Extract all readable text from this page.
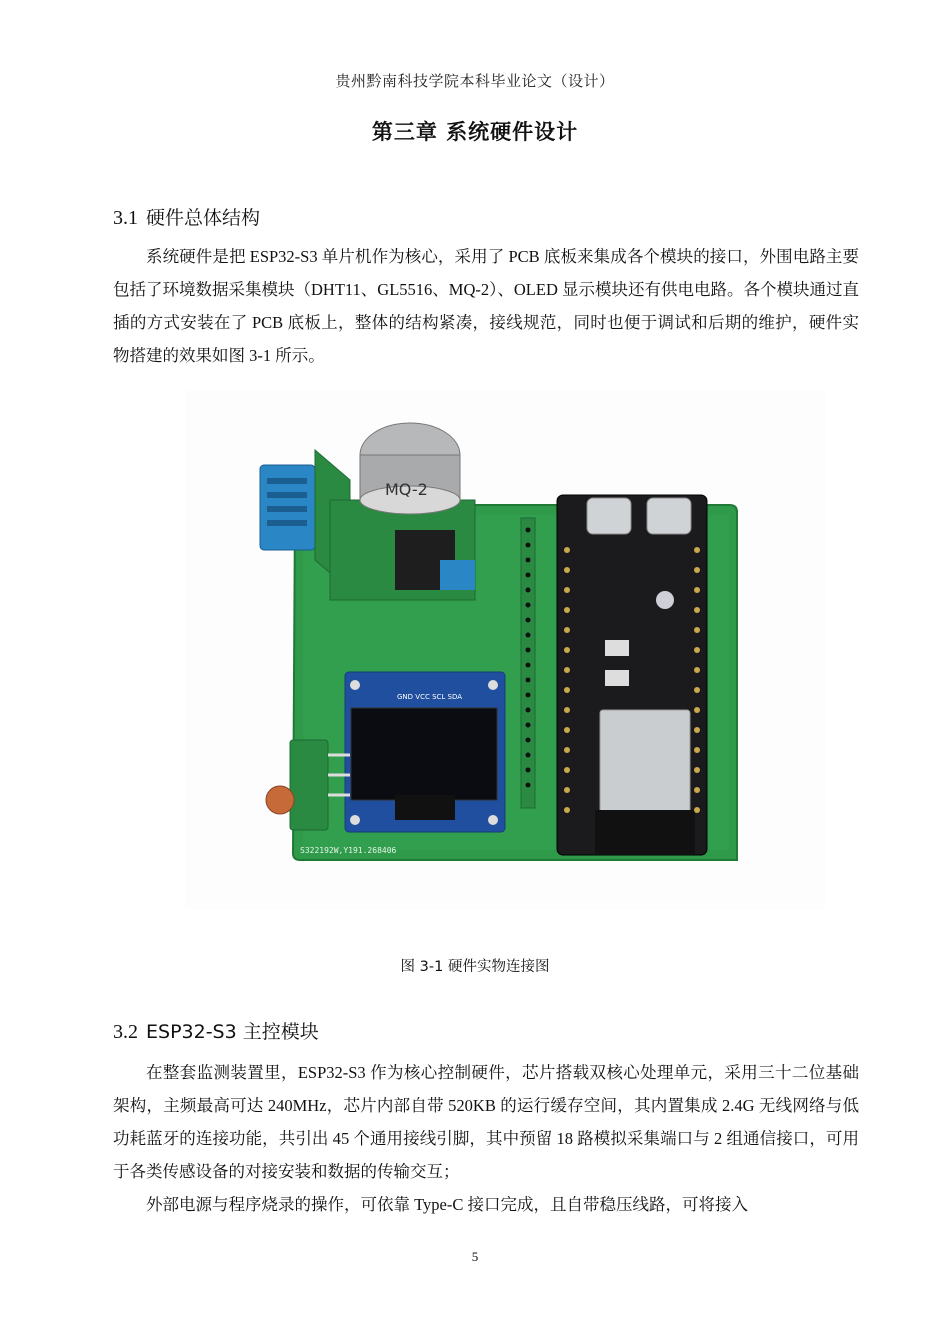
贵州黔南科技学院本科毕业论文（设计）
第三章 系统硬件设计
3.1 硬件总体结构

系统硬件是把 ESP32-S3 单片机作为核心，采用了 PCB 底板来集成各个模块的接口，外围电路主要包括了环境数据采集模块（DHT11、GL5516、MQ-2）、OLED 显示模块还有供电电路。各个模块通过直插的方式安装在了 PCB 底板上，整体的结构紧凑，接线规范，同时也便于调试和后期的维护，硬件实物搭建的效果如图 3-1 所示。

MQ-2
GND VCC SCL SDA
S322192W,Y191.268406
图 3-1 硬件实物连接图
3.2 ESP32-S3 主控模块

在整套监测装置里，ESP32-S3 作为核心控制硬件，芯片搭载双核心处理单元，采用三十二位基础架构，主频最高可达 240MHz，芯片内部自带 520KB 的运行缓存空间，其内置集成 2.4G 无线网络与低功耗蓝牙的连接功能，共引出 45 个通用接线引脚，其中预留 18 路模拟采集端口与 2 组通信接口，可用于各类传感设备的对接安装和数据的传输交互；

外部电源与程序烧录的操作，可依靠 Type-C 接口完成，且自带稳压线路，可将接入

5
